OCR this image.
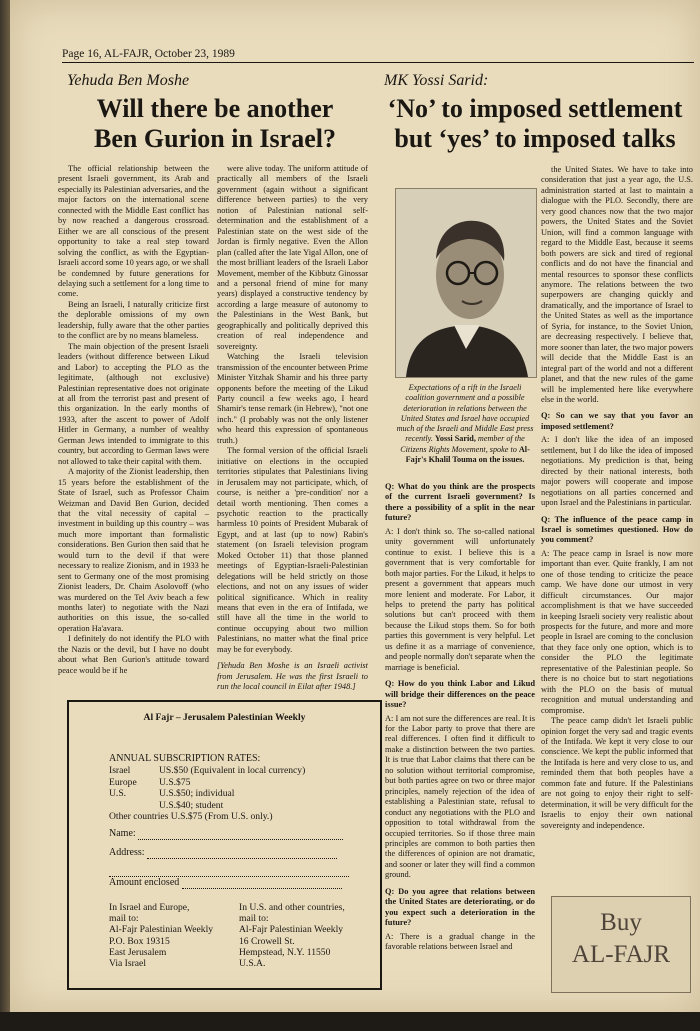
Page 16, AL-FAJR, October 23, 1989
Yehuda Ben Moshe
Will there be another
Ben Gurion in Israel?

The official relationship between the present Israeli government, its Arab and especially its Palestinian adversaries, and the major factors on the international scene connected with the Middle East conflict has by now reached a dangerous crossroad. Either we are all conscious of the present opportunity to take a real step toward solving the conflict, as with the Egyptian-Israeli accord some 10 years ago, or we shall be condemned by future generations for delaying such a settlement for a long time to come.

Being an Israeli, I naturally criticize first the deplorable omissions of my own leadership, fully aware that the other parties to the conflict are by no means blameless.

The main objection of the present Israeli leaders (without difference between Likud and Labor) to accepting the PLO as the legitimate, (although not exclusive) Palestinian representative does not originate at all from the terrorist past and present of this organization. In the early months of 1933, after the ascent to power of Adolf Hitler in Germany, a number of wealthy German Jews intended to immigrate to this country, but according to German laws were not allowed to take their capital with them.

A majority of the Zionist leadership, then 15 years before the establishment of the State of Israel, such as Professor Chaim Weizman and David Ben Gurion, decided that the vital necessity of capital – investment in building up this country – was much more important than formalistic considerations. Ben Gurion then said that he would turn to the devil if that were necessary to realize Zionism, and in 1933 he sent to Germany one of the most promising Zionist leaders, Dr. Chaim Asolovoff (who was murdered on the Tel Aviv beach a few months later) to negotiate with the Nazi authorities on this issue, the so-called operation Ha'avara.

I definitely do not identify the PLO with the Nazis or the devil, but I have no doubt about what Ben Gurion's attitude toward peace would be if he

were alive today. The uniform attitude of practically all members of the Israeli government (again without a significant difference between parties) to the very notion of Palestinian national self-determination and the establishment of a Palestinian state on the west side of the Jordan is firmly negative. Even the Allon plan (called after the late Yigal Allon, one of the most brilliant leaders of the Israeli Labor Movement, member of the Kibbutz Ginossar and a personal friend of mine for many years) displayed a constructive tendency by according a large measure of autonomy to the Palestinians in the West Bank, but geographically and politically deprived this creation of real independence and sovereignty.

Watching the Israeli television transmission of the encounter between Prime Minister Yitzhak Shamir and his three party opponents before the meeting of the Likud Party council a few weeks ago, I heard Shamir's tense remark (in Hebrew), "not one inch." (I probably was not the only listener who heard this expression of spontaneous truth.)

The formal version of the official Israeli initiative on elections in the occupied territories stipulates that Palestinians living in Jerusalem may not participate, which, of course, is neither a 'pre-condition' nor a detail worth mentioning. Then comes a psychotic reaction to the practically harmless 10 points of President Mubarak of Egypt, and at last (up to now) Rabin's statement (on Israeli television program Moked October 11) that those planned meetings of Egyptian-Israeli-Palestinian delegations will be held strictly on those elections, and not on any issues of wider political significance. Which in reality means that even in the era of Intifada, we still have all the time in the world to continue occupying about two million Palestinians, no matter what the final price may be for everybody.

[Yehuda Ben Moshe is an Israeli activist from Jerusalem. He was the first Israeli to run the local council in Eilat after 1948.]

MK Yossi Sarid:
‘No’ to imposed settlement
but ‘yes’ to imposed talks
Expectations of a rift in the Israeli coalition government and a possible deterioration in relations between the United States and Israel have occupied much of the Israeli and Middle East press recently. Yossi Sarid, member of the Citizens Rights Movement, spoke to Al-Fajr's Khalil Touma on the issues.

Q: What do you think are the prospects of the current Israeli government? Is there a possibility of a split in the near future?

A: I don't think so. The so-called national unity government will unfortunately continue to exist. I believe this is a government that is very comfortable for both major parties. For the Likud, it helps to present a government that appears much more lenient and moderate. For Labor, it helps to pretend the party has political solutions but can't proceed with them because the Likud stops them. So for both parties this government is very helpful. Let us define it as a marriage of convenience, and people normally don't separate when the marriage is beneficial.

Q: How do you think Labor and Likud will bridge their differences on the peace issue?

A: I am not sure the differences are real. It is for the Labor party to prove that there are real differences. I often find it difficult to make a distinction between the two parties. It is true that Labor claims that there can be no solution without territorial compromise, but both parties agree on two or three major principles, namely rejection of the idea of establishing a Palestinian state, refusal to conduct any negotiations with the PLO and opposition to total withdrawal from the occupied territories. So if those three main principles are common to both parties then the differences of opinion are not dramatic, and sooner or later they will find a common ground.

Q: Do you agree that relations between the United States are deteriorating, or do you expect such a deterioration in the future?

A: There is a gradual change in the favorable relations between Israel and

the United States. We have to take into consideration that just a year ago, the U.S. administration started at last to maintain a dialogue with the PLO. Secondly, there are very good chances now that the two major powers, the United States and the Soviet Union, will find a common language with regard to the Middle East, because it seems both powers are sick and tired of regional conflicts and do not have the financial and mental resources to sponsor these conflicts anymore. The relations between the two superpowers are changing quickly and dramatically, and the importance of Israel to the United States as well as the importance of Syria, for instance, to the Soviet Union, are decreasing respectively. I believe that, more sooner than later, the two major powers will decide that the Middle East is an integral part of the world and not a different planet, and that the new rules of the game will be implemented here like everywhere else in the world.

Q: So can we say that you favor an imposed settlement?

A: I don't like the idea of an imposed settlement, but I do like the idea of imposed negotiations. My prediction is that, being directed by their national interests, both major powers will cooperate and impose negotiations on all parties concerned and upon Israel and the Palestinians in particular.

Q: The influence of the peace camp in Israel is sometimes questioned. How do you comment?

A: The peace camp in Israel is now more important than ever. Quite frankly, I am not one of those tending to criticize the peace camp. We have done our utmost in very difficult circumstances. Our major accomplishment is that we have succeeded in keeping Israeli society very realistic about prospects for the future, and more and more people in Israel are coming to the conclusion that they face only one option, which is to consider the PLO the legitimate representative of the Palestinian people. So there is no choice but to start negotiations with the PLO on the basis of mutual recognition and mutual understanding and compromise.

The peace camp didn't let Israeli public opinion forget the very sad and tragic events of the Intifada. We kept it very close to our conscience. We kept the public informed that the Intifada is here and very close to us, and reminded them that both peoples have a common fate and future. If the Palestinians are not going to enjoy their right to self-determination, it will be very difficult for the Israelis to enjoy their own national sovereignty and independence.

Al Fajr – Jerusalem Palestinian Weekly
ANNUAL SUBSCRIPTION RATES:
Israel	US.$50 (Equivalent in local currency)
Europe U.S.$75
U.S.	U.S.$50; individual
U.S.$40; student
Other countries U.S.$75 (From U.S. only.)
Name:
Address:
Amount enclosed
In Israel and Europe,
mail to:
Al-Fajr Palestinian Weekly
P.O. Box 19315
East Jerusalem
Via Israel
In U.S. and other countries,
mail to:
Al-Fajr Palestinian Weekly
16 Crowell St.
Hempstead, N.Y. 11550
U.S.A.
Buy
AL-FAJR
